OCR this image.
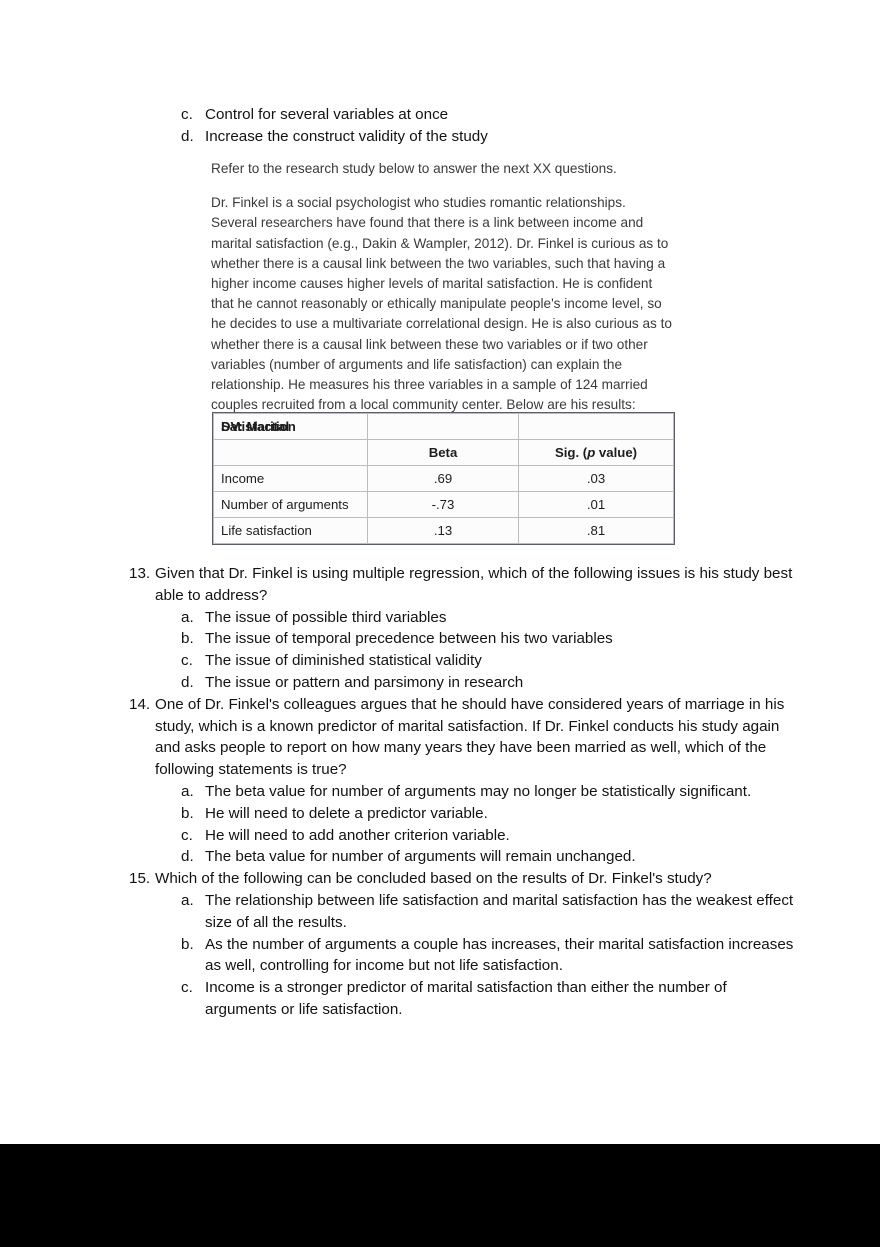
c. Control for several variables at once
d. Increase the construct validity of the study

Refer to the research study below to answer the next XX questions.

Dr. Finkel is a social psychologist who studies romantic relationships. Several researchers have found that there is a link between income and marital satisfaction (e.g., Dakin & Wampler, 2012). Dr. Finkel is curious as to whether there is a causal link between the two variables, such that having a higher income causes higher levels of marital satisfaction. He is confident that he cannot reasonably or ethically manipulate people's income level, so he decides to use a multivariate correlational design. He is also curious as to whether there is a causal link between these two variables or if two other variables (number of arguments and life satisfaction) can explain the relationship. He measures his three variables in a sample of 124 married couples recruited from a local community center. Below are his results:

DV: Marital Satisfaction		
	Beta	Sig. (p value)
Income	.69	.03
Number of arguments	-.73	.01
Life satisfaction	.13	.81
13. Given that Dr. Finkel is using multiple regression, which of the following issues is his study best able to address?
a. The issue of possible third variables
b. The issue of temporal precedence between his two variables
c. The issue of diminished statistical validity
d. The issue or pattern and parsimony in research
14. One of Dr. Finkel's colleagues argues that he should have considered years of marriage in his study, which is a known predictor of marital satisfaction. If Dr. Finkel conducts his study again and asks people to report on how many years they have been married as well, which of the following statements is true?
a. The beta value for number of arguments may no longer be statistically significant.
b. He will need to delete a predictor variable.
c. He will need to add another criterion variable.
d. The beta value for number of arguments will remain unchanged.
15. Which of the following can be concluded based on the results of Dr. Finkel's study?
a. The relationship between life satisfaction and marital satisfaction has the weakest effect size of all the results.
b. As the number of arguments a couple has increases, their marital satisfaction increases as well, controlling for income but not life satisfaction.
c. Income is a stronger predictor of marital satisfaction than either the number of arguments or life satisfaction.
